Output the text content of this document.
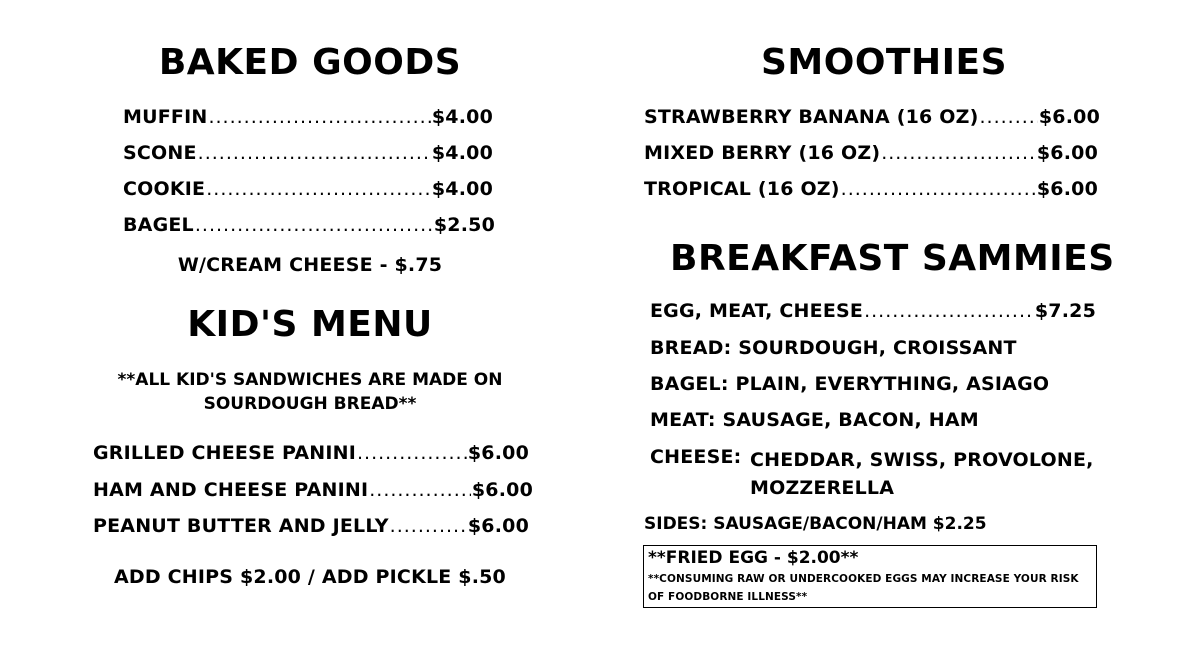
BAKED GOODS
MUFFIN .....	$4.00
SCONE .....	$4.00
COOKIE .....	$4.00
BAGEL .....	$2.50
W/CREAM CHEESE - $.75
KID'S MENU
**ALL KID'S SANDWICHES ARE MADE ON
SOURDOUGH BREAD**
GRILLED CHEESE PANINI .....	$6.00
HAM AND CHEESE PANINI .....	$6.00
PEANUT BUTTER AND JELLY .....	$6.00
ADD CHIPS $2.00 / ADD PICKLE $.50
SMOOTHIES
STRAWBERRY BANANA (16 OZ) .....	$6.00
MIXED BERRY (16 OZ) .....	$6.00
TROPICAL (16 OZ) .....	$6.00
BREAKFAST SAMMIES
EGG, MEAT, CHEESE .....	$7.25
BREAD: SOURDOUGH, CROISSANT
BAGEL: PLAIN, EVERYTHING, ASIAGO
MEAT: SAUSAGE, BACON, HAM
CHEESE: CHEDDAR, SWISS, PROVOLONE,
MOZZERELLA
SIDES: SAUSAGE/BACON/HAM $2.25
**FRIED EGG - $2.00**
**CONSUMING RAW OR UNDERCOOKED EGGS MAY INCREASE YOUR RISK
OF FOODBORNE ILLNESS**
